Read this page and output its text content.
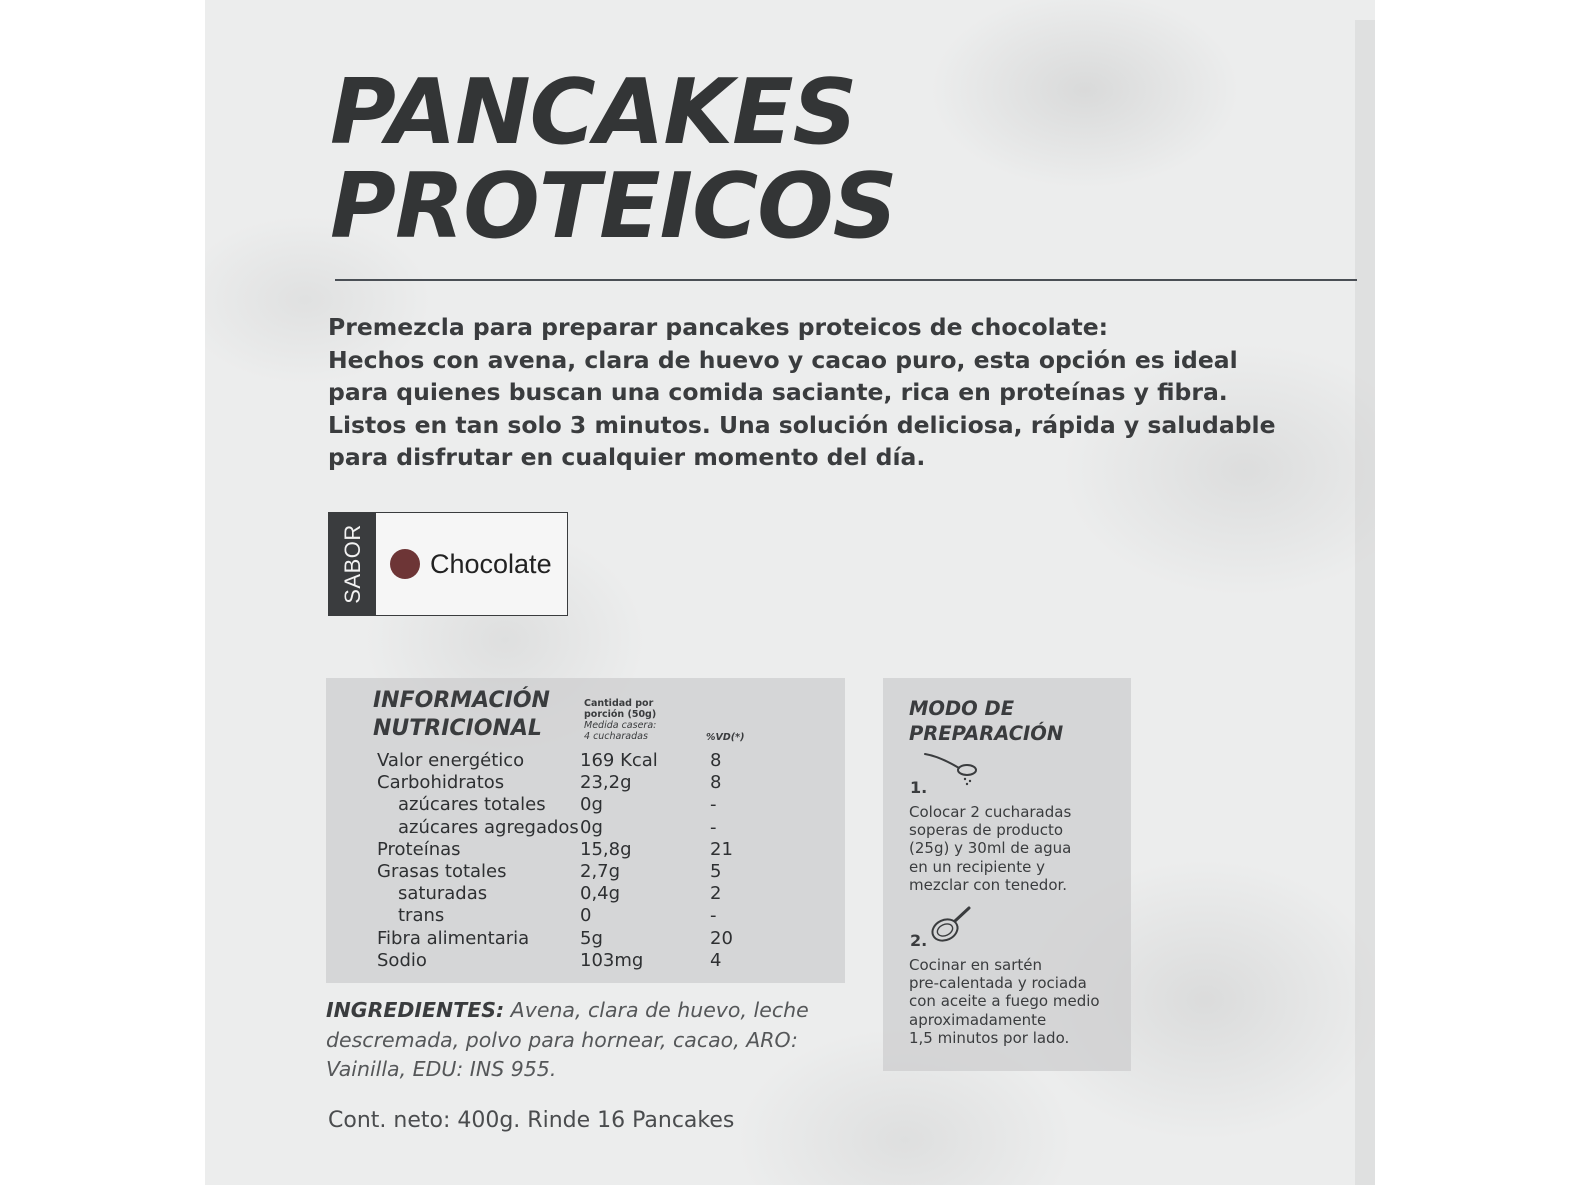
PANCAKES
PROTEICOS
Premezcla para preparar pancakes proteicos de chocolate:
Hechos con avena, clara de huevo y cacao puro, esta opción es ideal
para quienes buscan una comida saciante, rica en proteínas y fibra.
Listos en tan solo 3 minutos. Una solución deliciosa, rápida y saludable
para disfrutar en cualquier momento del día.
SABOR Chocolate
INFORMACIÓN
NUTRICIONAL
Cantidad por
porción (50g)
Medida casera:
4 cucharadas	%VD(*)
Valor energético	169 Kcal	8
Carbohidratos	23,2g	8
azúcares totales 0g	-
azúcares agregados 0g	-
Proteínas	15,8g	21
Grasas totales	2,7g	5
saturadas	0,4g	2
trans	0	-
Fibra alimentaria	5g	20
Sodio	103mg	4
INGREDIENTES: Avena, clara de huevo, leche
descremada, polvo para hornear, cacao, ARO:
Vainilla, EDU: INS 955.
Cont. neto: 400g. Rinde 16 Pancakes
MODO DE
PREPARACIÓN
1.
Colocar 2 cucharadas
soperas de producto
(25g) y 30ml de agua
en un recipiente y
mezclar con tenedor.
2.
Cocinar en sartén
pre-calentada y rociada
con aceite a fuego medio
aproximadamente
1,5 minutos por lado.
